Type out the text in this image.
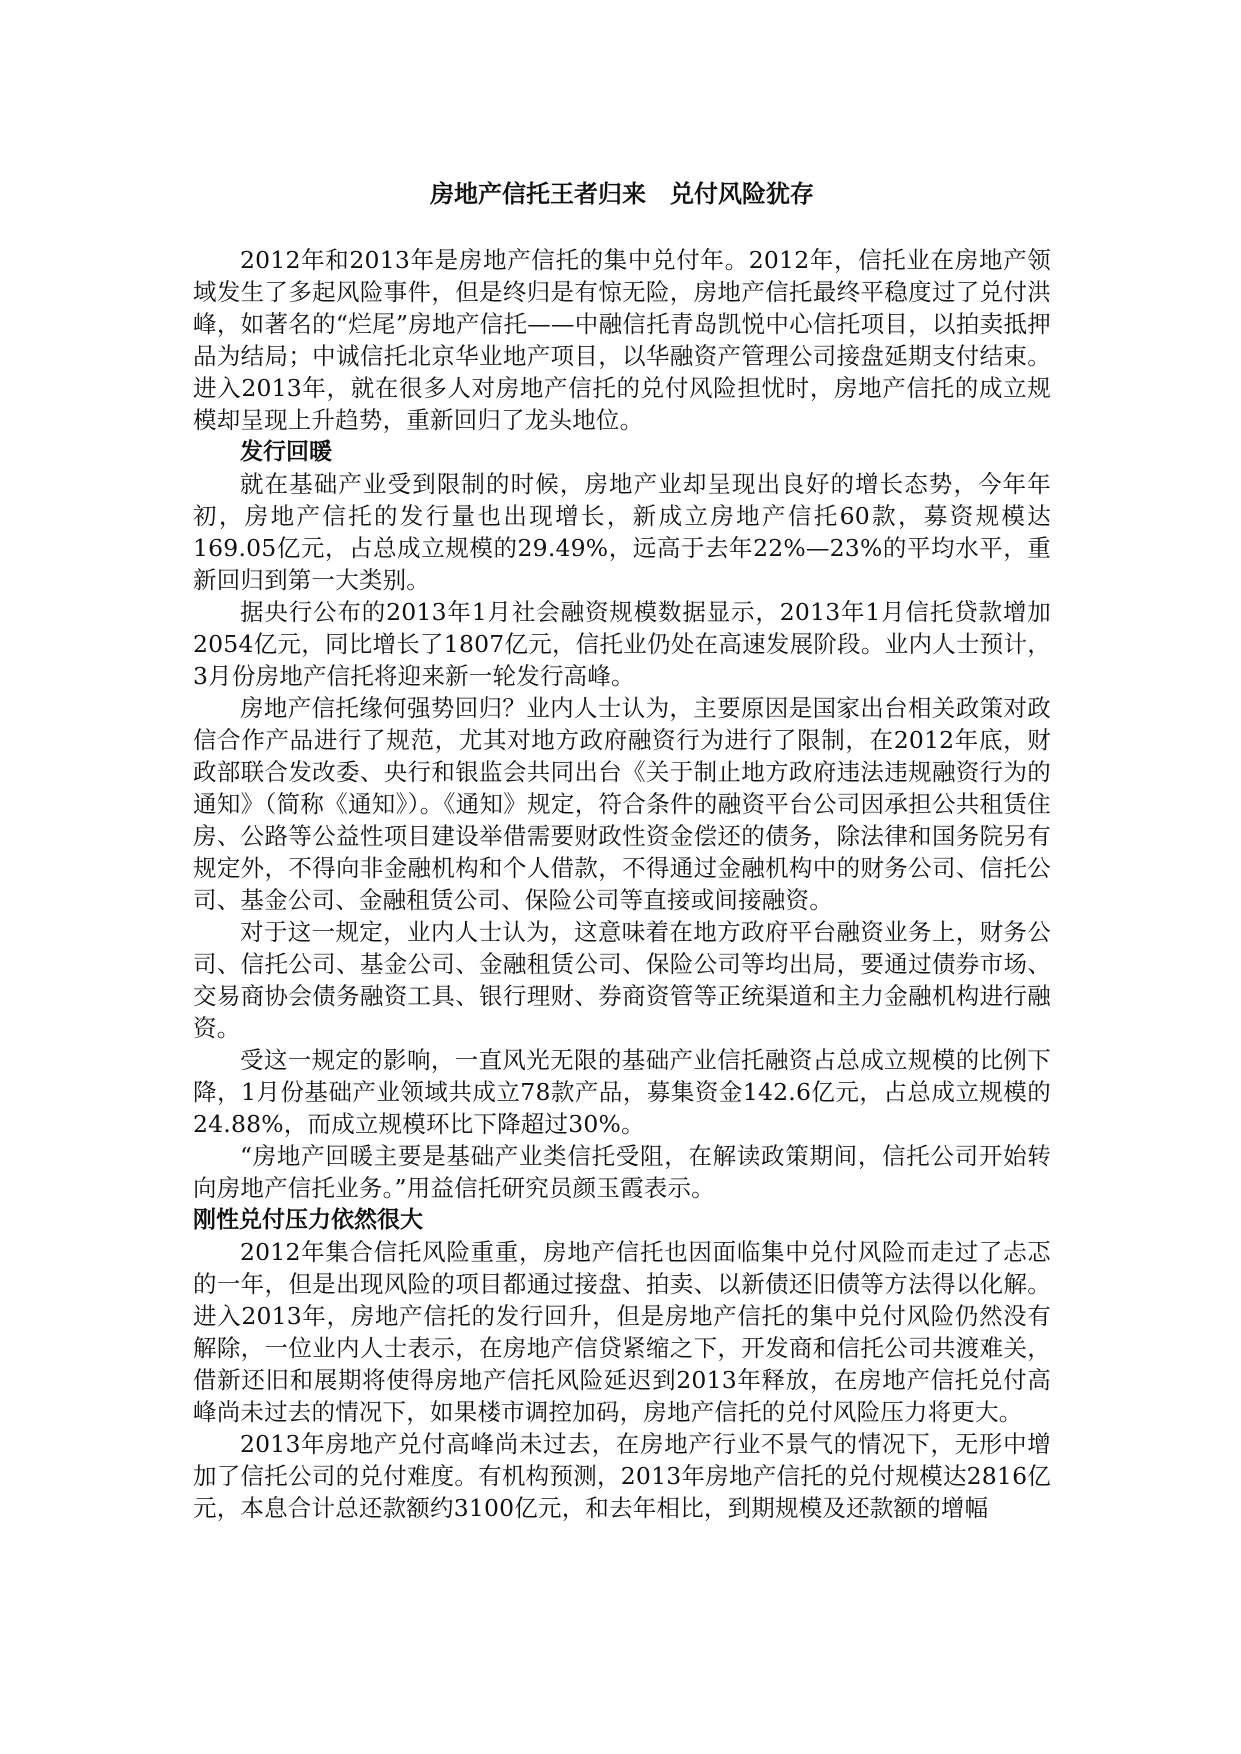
房地产信托王者归来　兑付风险犹存

2012年和2013年是房地产信托的集中兑付年。2012年，信托业在房地产领域发生了多起风险事件，但是终归是有惊无险，房地产信托最终平稳度过了兑付洪峰，如著名的“烂尾”房地产信托——中融信托青岛凯悦中心信托项目，以拍卖抵押品为结局；中诚信托北京华业地产项目，以华融资产管理公司接盘延期支付结束。进入2013年，就在很多人对房地产信托的兑付风险担忧时，房地产信托的成立规模却呈现上升趋势，重新回归了龙头地位。

发行回暖

就在基础产业受到限制的时候，房地产业却呈现出良好的增长态势，今年年初，房地产信托的发行量也出现增长，新成立房地产信托60款，募资规模达169.05亿元，占总成立规模的29.49%，远高于去年22%—23%的平均水平，重新回归到第一大类别。

据央行公布的2013年1月社会融资规模数据显示，2013年1月信托贷款增加2054亿元，同比增长了1807亿元，信托业仍处在高速发展阶段。业内人士预计，3月份房地产信托将迎来新一轮发行高峰。

房地产信托缘何强势回归？业内人士认为，主要原因是国家出台相关政策对政信合作产品进行了规范，尤其对地方政府融资行为进行了限制，在2012年底，财政部联合发改委、央行和银监会共同出台《关于制止地方政府违法违规融资行为的通知》（简称《通知》）。《通知》规定，符合条件的融资平台公司因承担公共租赁住房、公路等公益性项目建设举借需要财政性资金偿还的债务，除法律和国务院另有规定外，不得向非金融机构和个人借款，不得通过金融机构中的财务公司、信托公司、基金公司、金融租赁公司、保险公司等直接或间接融资。

对于这一规定，业内人士认为，这意味着在地方政府平台融资业务上，财务公司、信托公司、基金公司、金融租赁公司、保险公司等均出局，要通过债券市场、交易商协会债务融资工具、银行理财、券商资管等正统渠道和主力金融机构进行融资。

受这一规定的影响，一直风光无限的基础产业信托融资占总成立规模的比例下降，1月份基础产业领域共成立78款产品，募集资金142.6亿元，占总成立规模的24.88%，而成立规模环比下降超过30%。

“房地产回暖主要是基础产业类信托受阻，在解读政策期间，信托公司开始转向房地产信托业务。”用益信托研究员颜玉霞表示。

刚性兑付压力依然很大

2012年集合信托风险重重，房地产信托也因面临集中兑付风险而走过了忐忑的一年，但是出现风险的项目都通过接盘、拍卖、以新债还旧债等方法得以化解。进入2013年，房地产信托的发行回升，但是房地产信托的集中兑付风险仍然没有解除，一位业内人士表示，在房地产信贷紧缩之下，开发商和信托公司共渡难关，借新还旧和展期将使得房地产信托风险延迟到2013年释放，在房地产信托兑付高峰尚未过去的情况下，如果楼市调控加码，房地产信托的兑付风险压力将更大。

2013年房地产兑付高峰尚未过去，在房地产行业不景气的情况下，无形中增加了信托公司的兑付难度。有机构预测，2013年房地产信托的兑付规模达2816亿元，本息合计总还款额约3100亿元，和去年相比，到期规模及还款额的增幅
